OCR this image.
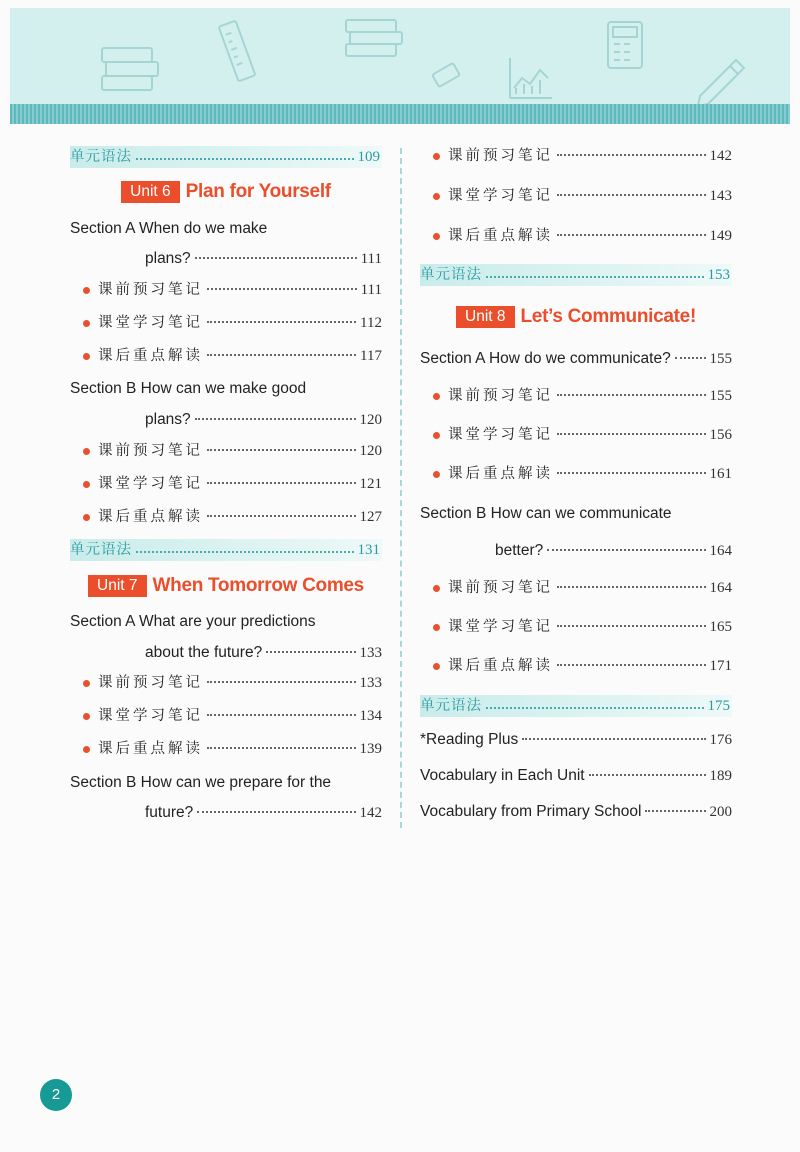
单元语法	109
Unit 6 Plan for Yourself
Section A When do we make
plans?	111
课前预习笔记	111
课堂学习笔记	112
课后重点解读	117
Section B How can we make good
plans?	120
课前预习笔记	120
课堂学习笔记	121
课后重点解读	127
单元语法	131
Unit 7 When Tomorrow Comes
Section A What are your predictions
about the future?	133
课前预习笔记	133
课堂学习笔记	134
课后重点解读	139
Section B How can we prepare for the
future?	142
课前预习笔记	142
课堂学习笔记	143
课后重点解读	149
单元语法	153
Unit 8 Let’s Communicate!
Section A How do we communicate?	155
课前预习笔记	155
课堂学习笔记	156
课后重点解读	161
Section B How can we communicate
better?	164
课前预习笔记	164
课堂学习笔记	165
课后重点解读	171
单元语法	175
*Reading Plus	176
Vocabulary in Each Unit	189
Vocabulary from Primary School	200
2
